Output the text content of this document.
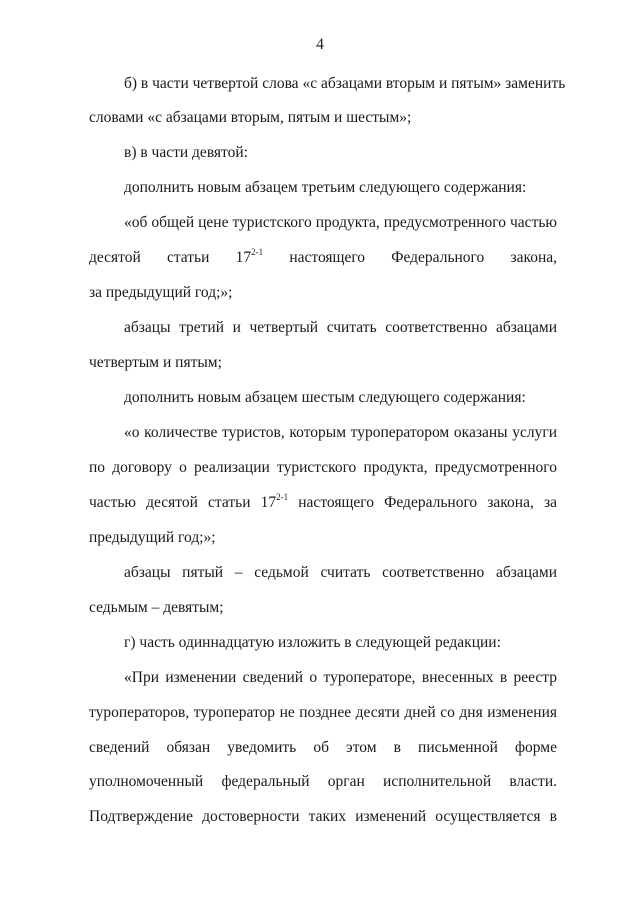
4
б) в части четвертой слова «с абзацами вторым и пятым» заменить
словами «с абзацами вторым, пятым и шестым»;
в) в части девятой:
дополнить новым абзацем третьим следующего содержания:
«об общей цене туристского продукта, предусмотренного частью
десятой статьи 17$^{2-1}$ настоящего Федерального закона,
за предыдущий год;»;
абзацы третий и четвертый считать соответственно абзацами
четвертым и пятым;
дополнить новым абзацем шестым следующего содержания:
«о количестве туристов, которым туроператором оказаны услуги
по договору о реализации туристского продукта, предусмотренного
частью десятой статьи 17$^{2-1}$ настоящего Федерального закона, за
предыдущий год;»;
абзацы пятый – седьмой считать соответственно абзацами
седьмым – девятым;
г) часть одиннадцатую изложить в следующей редакции:
«При изменении сведений о туроператоре, внесенных в реестр
туроператоров, туроператор не позднее десяти дней со дня изменения
сведений обязан уведомить об этом в письменной форме
уполномоченный федеральный орган исполнительной власти.
Подтверждение достоверности таких изменений осуществляется в
